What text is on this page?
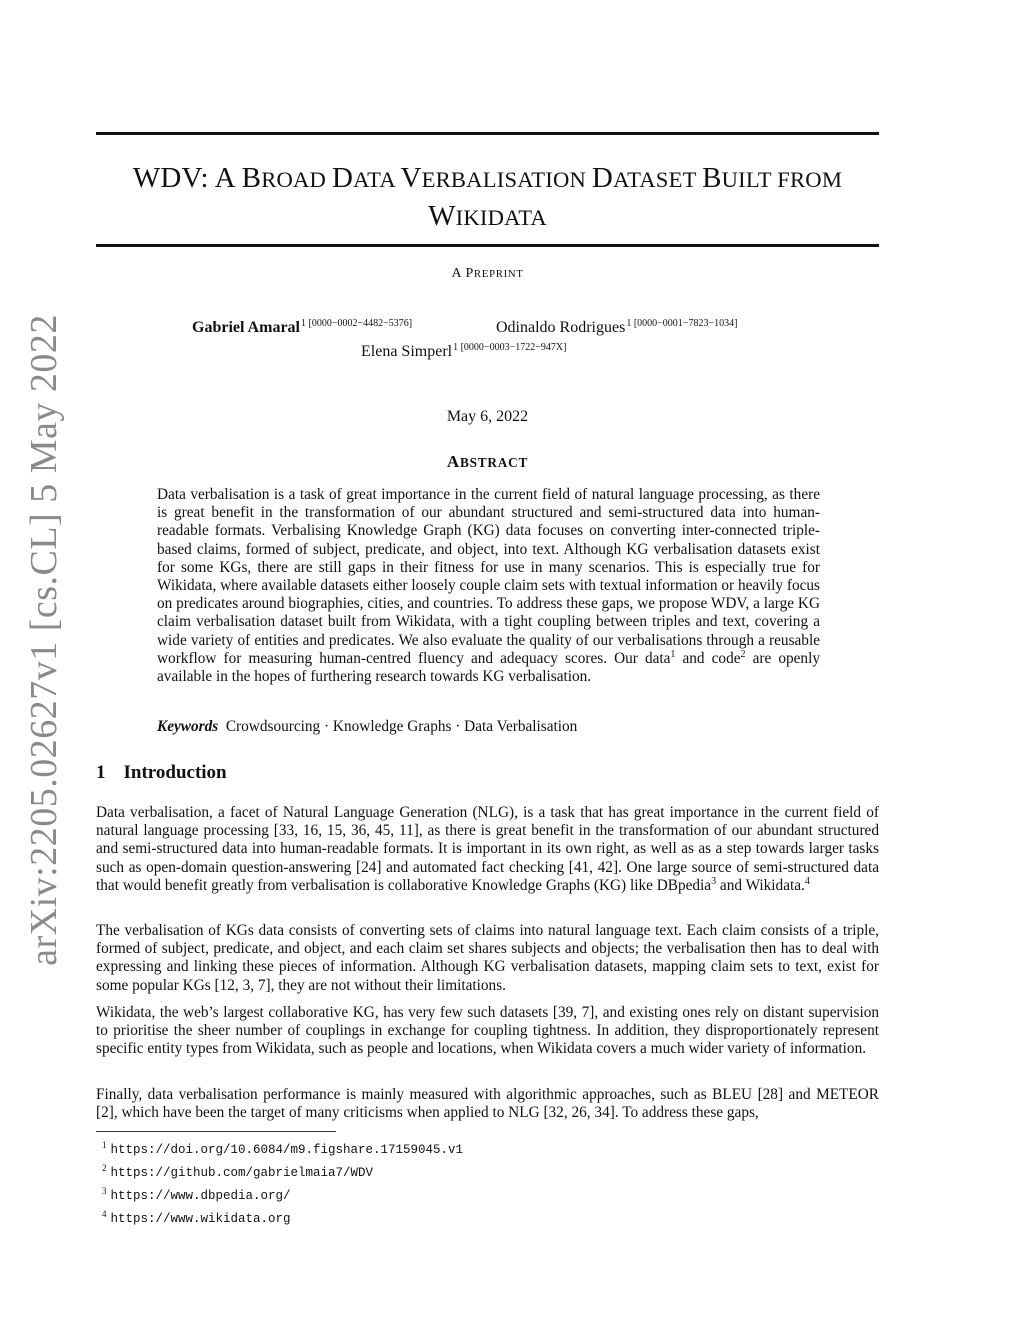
arXiv:2205.02627v1 [cs.CL] 5 May 2022
WDV: A BROAD DATA VERBALISATION DATASET BUILT FROM
WIKIDATA
A PREPRINT
Gabriel Amaral$^{1 [0000-0002-4482-5376]}$	Odinaldo Rodrigues$^{1 [0000-0001-7823-1034]}$
Elena Simperl$^{1 [0000-0003-1722-947X]}$
May 6, 2022
ABSTRACT
Data verbalisation is a task of great importance in the current field of natural language processing, as there is great benefit in the transformation of our abundant structured and semi-structured data into human-readable formats. Verbalising Knowledge Graph (KG) data focuses on converting inter-connected triple-based claims, formed of subject, predicate, and object, into text. Although KG verbalisation datasets exist for some KGs, there are still gaps in their fitness for use in many scenarios. This is especially true for Wikidata, where available datasets either loosely couple claim sets with textual information or heavily focus on predicates around biographies, cities, and countries. To address these gaps, we propose WDV, a large KG claim verbalisation dataset built from Wikidata, with a tight coupling between triples and text, covering a wide variety of entities and predicates. We also evaluate the quality of our verbalisations through a reusable workflow for measuring human-centred fluency and adequacy scores. Our data$^1$ and code$^2$ are openly available in the hopes of furthering research towards KG verbalisation.
Keywords Crowdsourcing · Knowledge Graphs · Data Verbalisation
1 Introduction
Data verbalisation, a facet of Natural Language Generation (NLG), is a task that has great importance in the current field of natural language processing [33, 16, 15, 36, 45, 11], as there is great benefit in the transformation of our abundant structured and semi-structured data into human-readable formats. It is important in its own right, as well as as a step towards larger tasks such as open-domain question-answering [24] and automated fact checking [41, 42]. One large source of semi-structured data that would benefit greatly from verbalisation is collaborative Knowledge Graphs (KG) like DBpedia$^3$ and Wikidata.$^4$
The verbalisation of KGs data consists of converting sets of claims into natural language text. Each claim consists of a triple, formed of subject, predicate, and object, and each claim set shares subjects and objects; the verbalisation then has to deal with expressing and linking these pieces of information. Although KG verbalisation datasets, mapping claim sets to text, exist for some popular KGs [12, 3, 7], they are not without their limitations.
Wikidata, the web’s largest collaborative KG, has very few such datasets [39, 7], and existing ones rely on distant supervision to prioritise the sheer number of couplings in exchange for coupling tightness. In addition, they disproportionately represent specific entity types from Wikidata, such as people and locations, when Wikidata covers a much wider variety of information.
Finally, data verbalisation performance is mainly measured with algorithmic approaches, such as BLEU [28] and METEOR [2], which have been the target of many criticisms when applied to NLG [32, 26, 34]. To address these gaps,
$^1$ https://doi.org/10.6084/m9.figshare.17159045.v1
$^2$ https://github.com/gabrielmaia7/WDV
$^3$ https://www.dbpedia.org/
$^4$ https://www.wikidata.org
